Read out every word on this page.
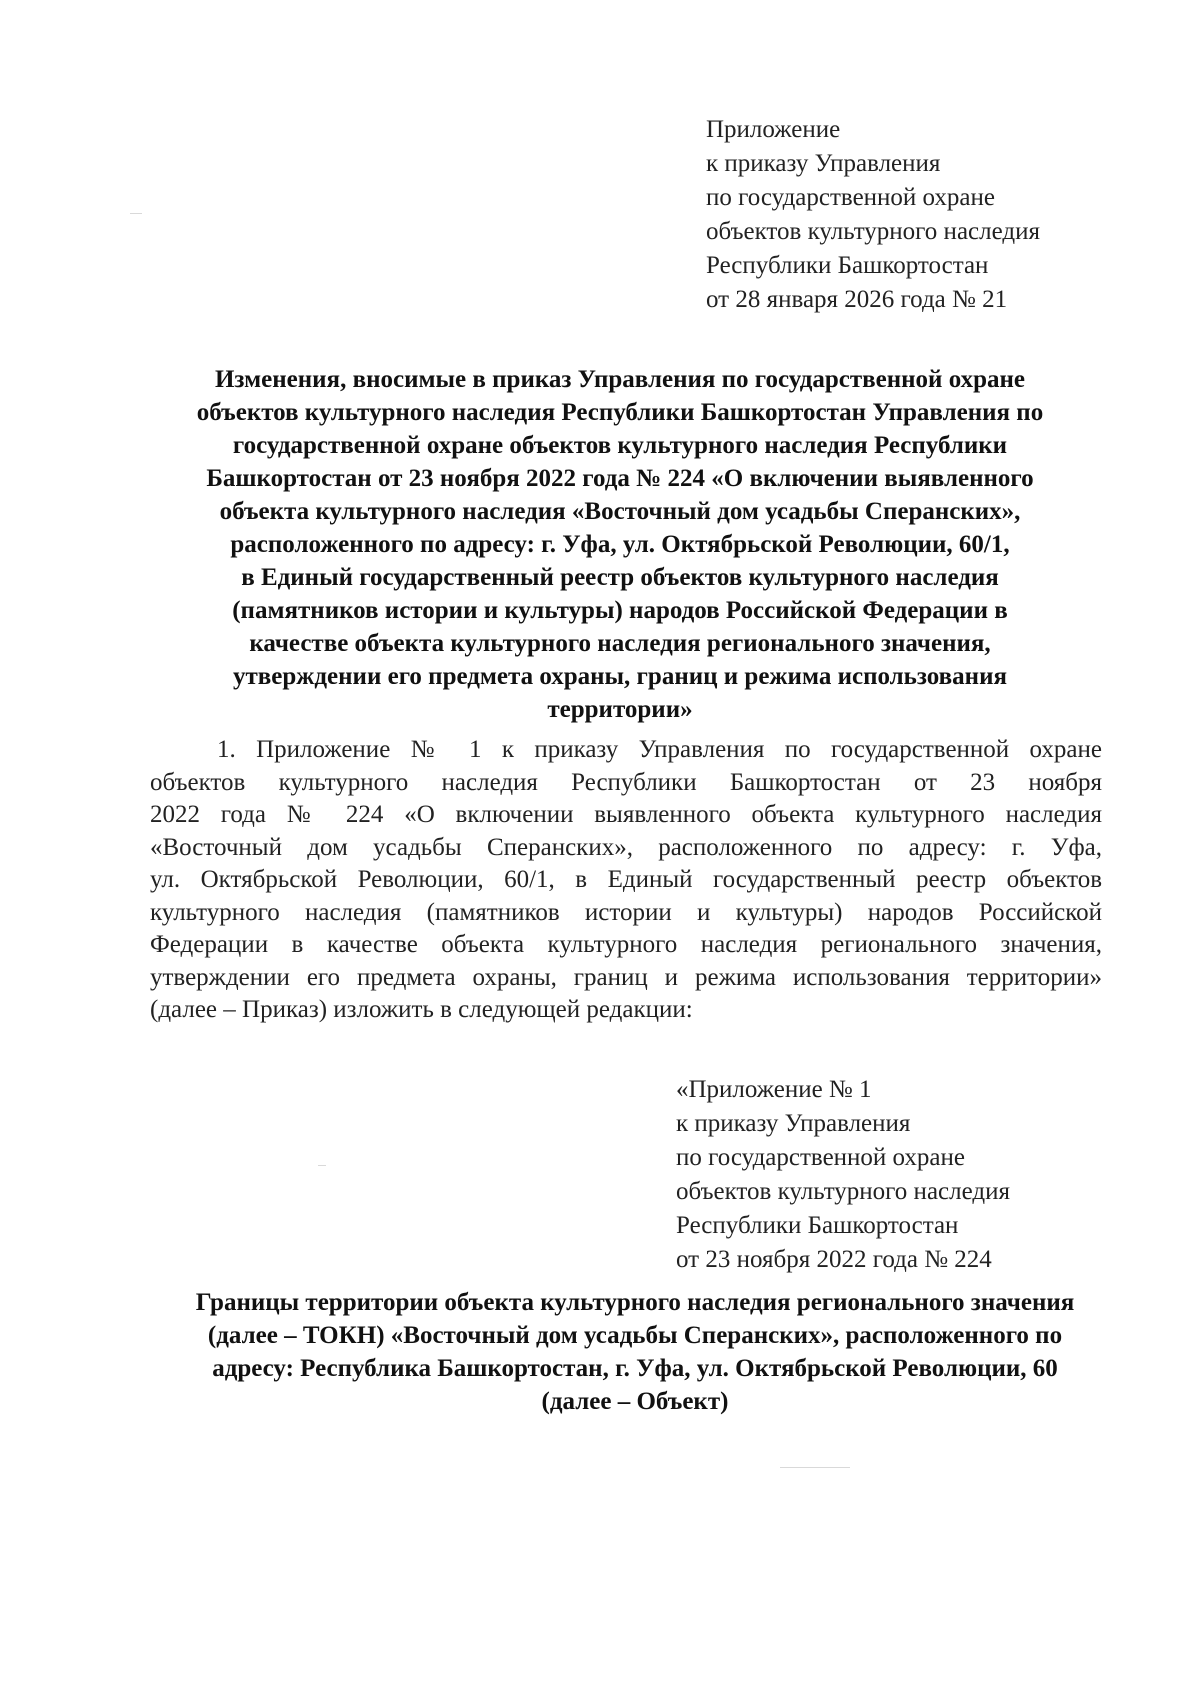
Приложение
к приказу Управления
по государственной охране
объектов культурного наследия
Республики Башкортостан
от 28 января 2026 года № 21
Изменения, вносимые в приказ Управления по государственной охране
объектов культурного наследия Республики Башкортостан Управления по
государственной охране объектов культурного наследия Республики
Башкортостан от 23 ноября 2022 года № 224 «О включении выявленного
объекта культурного наследия «Восточный дом усадьбы Сперанских»,
расположенного по адресу: г. Уфа, ул. Октябрьской Революции, 60/1,
в Единый государственный реестр объектов культурного наследия
(памятников истории и культуры) народов Российской Федерации в
качестве объекта культурного наследия регионального значения,
утверждении его предмета охраны, границ и режима использования
территории»
1. Приложение № 1 к приказу Управления по государственной охране
объектов культурного наследия Республики Башкортостан от 23 ноября
2022 года № 224 «О включении выявленного объекта культурного наследия
«Восточный дом усадьбы Сперанских», расположенного по адресу: г. Уфа,
ул. Октябрьской Революции, 60/1, в Единый государственный реестр объектов
культурного наследия (памятников истории и культуры) народов Российской
Федерации в качестве объекта культурного наследия регионального значения,
утверждении его предмета охраны, границ и режима использования территории»
(далее – Приказ) изложить в следующей редакции:
«Приложение № 1
к приказу Управления
по государственной охране
объектов культурного наследия
Республики Башкортостан
от 23 ноября 2022 года № 224
Границы территории объекта культурного наследия регионального значения
(далее – ТОКН) «Восточный дом усадьбы Сперанских», расположенного по
адресу: Республика Башкортостан, г. Уфа, ул. Октябрьской Революции, 60
(далее – Объект)
